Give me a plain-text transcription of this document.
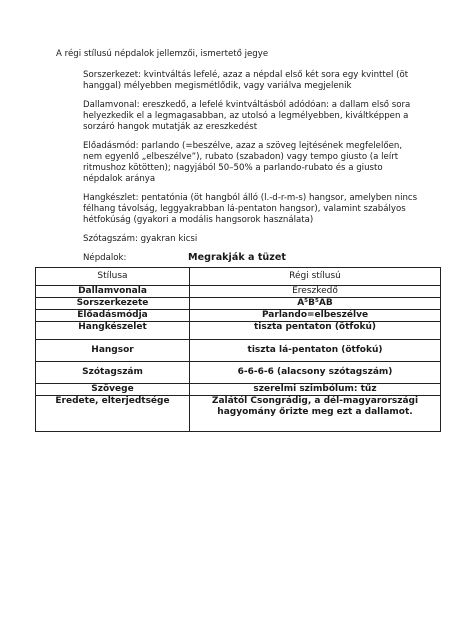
A régi stílusú népdalok jellemzői, ismertető jegye

Sorszerkezet: kvintváltás lefelé, azaz a népdal első két sora egy kvinttel (öt hanggal) mélyebben megismétlődik, vagy variálva megjelenik

Dallamvonal: ereszkedő, a lefelé kvintváltásból adódóan: a dallam első sora helyezkedik el a legmagasabban, az utolsó a legmélyebben, kiváltképpen a sorzáró hangok mutatják az ereszkedést

Előadásmód: parlando (=beszélve, azaz a szöveg lejtésének megfelelően, nem egyenlő „elbeszélve”), rubato (szabadon) vagy tempo giusto (a leírt ritmushoz kötötten); nagyjából 50–50% a parlando-rubato és a giusto népdalok aránya

Hangkészlet: pentatónia (öt hangból álló (l.-d-r-m-s) hangsor, amelyben nincs félhang távolság, leggyakrabban lá-pentaton hangsor), valamint szabályos hétfokúság (gyakori a modális hangsorok használata)

Szótagszám: gyakran kicsi

Népdalok:	Megrakják a tüzet
Stílusa	Régi stílusú
Dallamvonala	Ereszkedő
Sorszerkezete	A⁵B⁵AB
Előadásmódja	Parlando=elbeszélve
Hangkészelet	tiszta pentaton (ötfokú)
Hangsor	tiszta lá-pentaton (ötfokú)
Szótagszám	6-6-6-6 (alacsony szótagszám)
Szövege	szerelmi szimbólum: tűz
Eredete, elterjedtsége	Zalától Csongrádig, a dél-magyarországi hagyomány őrizte meg ezt a dallamot.
